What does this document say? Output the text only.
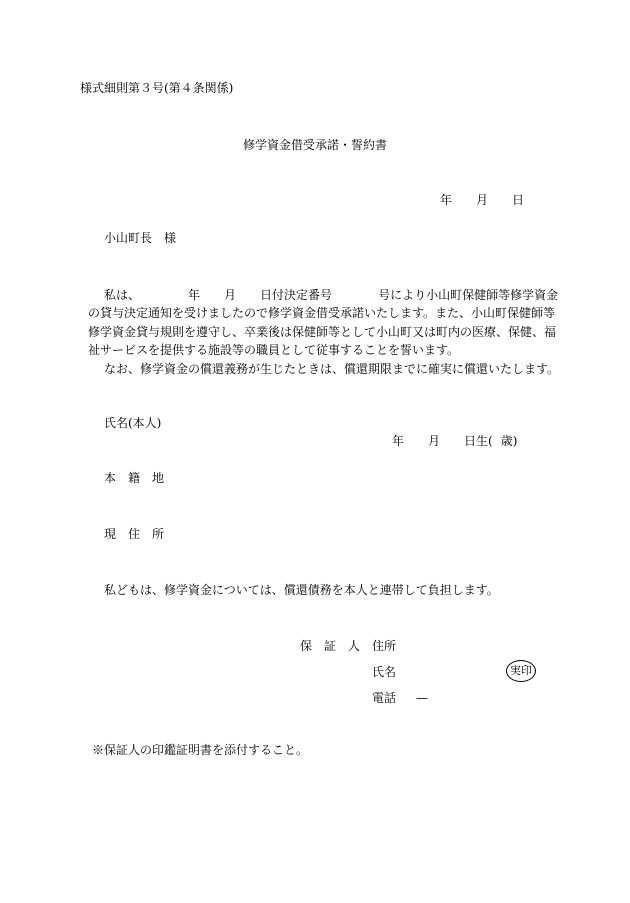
様式細則第３号(第４条関係)
修学資金借受承諾・誓約書
年 月 日
小山町長　様

私は、	年 月 日付決定番号	号により小山町保健師等修学資金

の貸与決定通知を受けましたので修学資金借受承諾いたします。また、小山町保健師等

修学資金貸与規則を遵守し、卒業後は保健師等として小山町又は町内の医療、保健、福

祉サービスを提供する施設等の職員として従事することを誓います。

なお、修学資金の償還義務が生じたときは、償還期限までに確実に償還いたします。

氏名(本人)
年 月 日生( 歳)
本　籍　地
現　住　所
私どもは、修学資金については、償還債務を本人と連帯して負担します。
保　証　人 住所
氏名	実印
電話 —
※保証人の印鑑証明書を添付すること。
